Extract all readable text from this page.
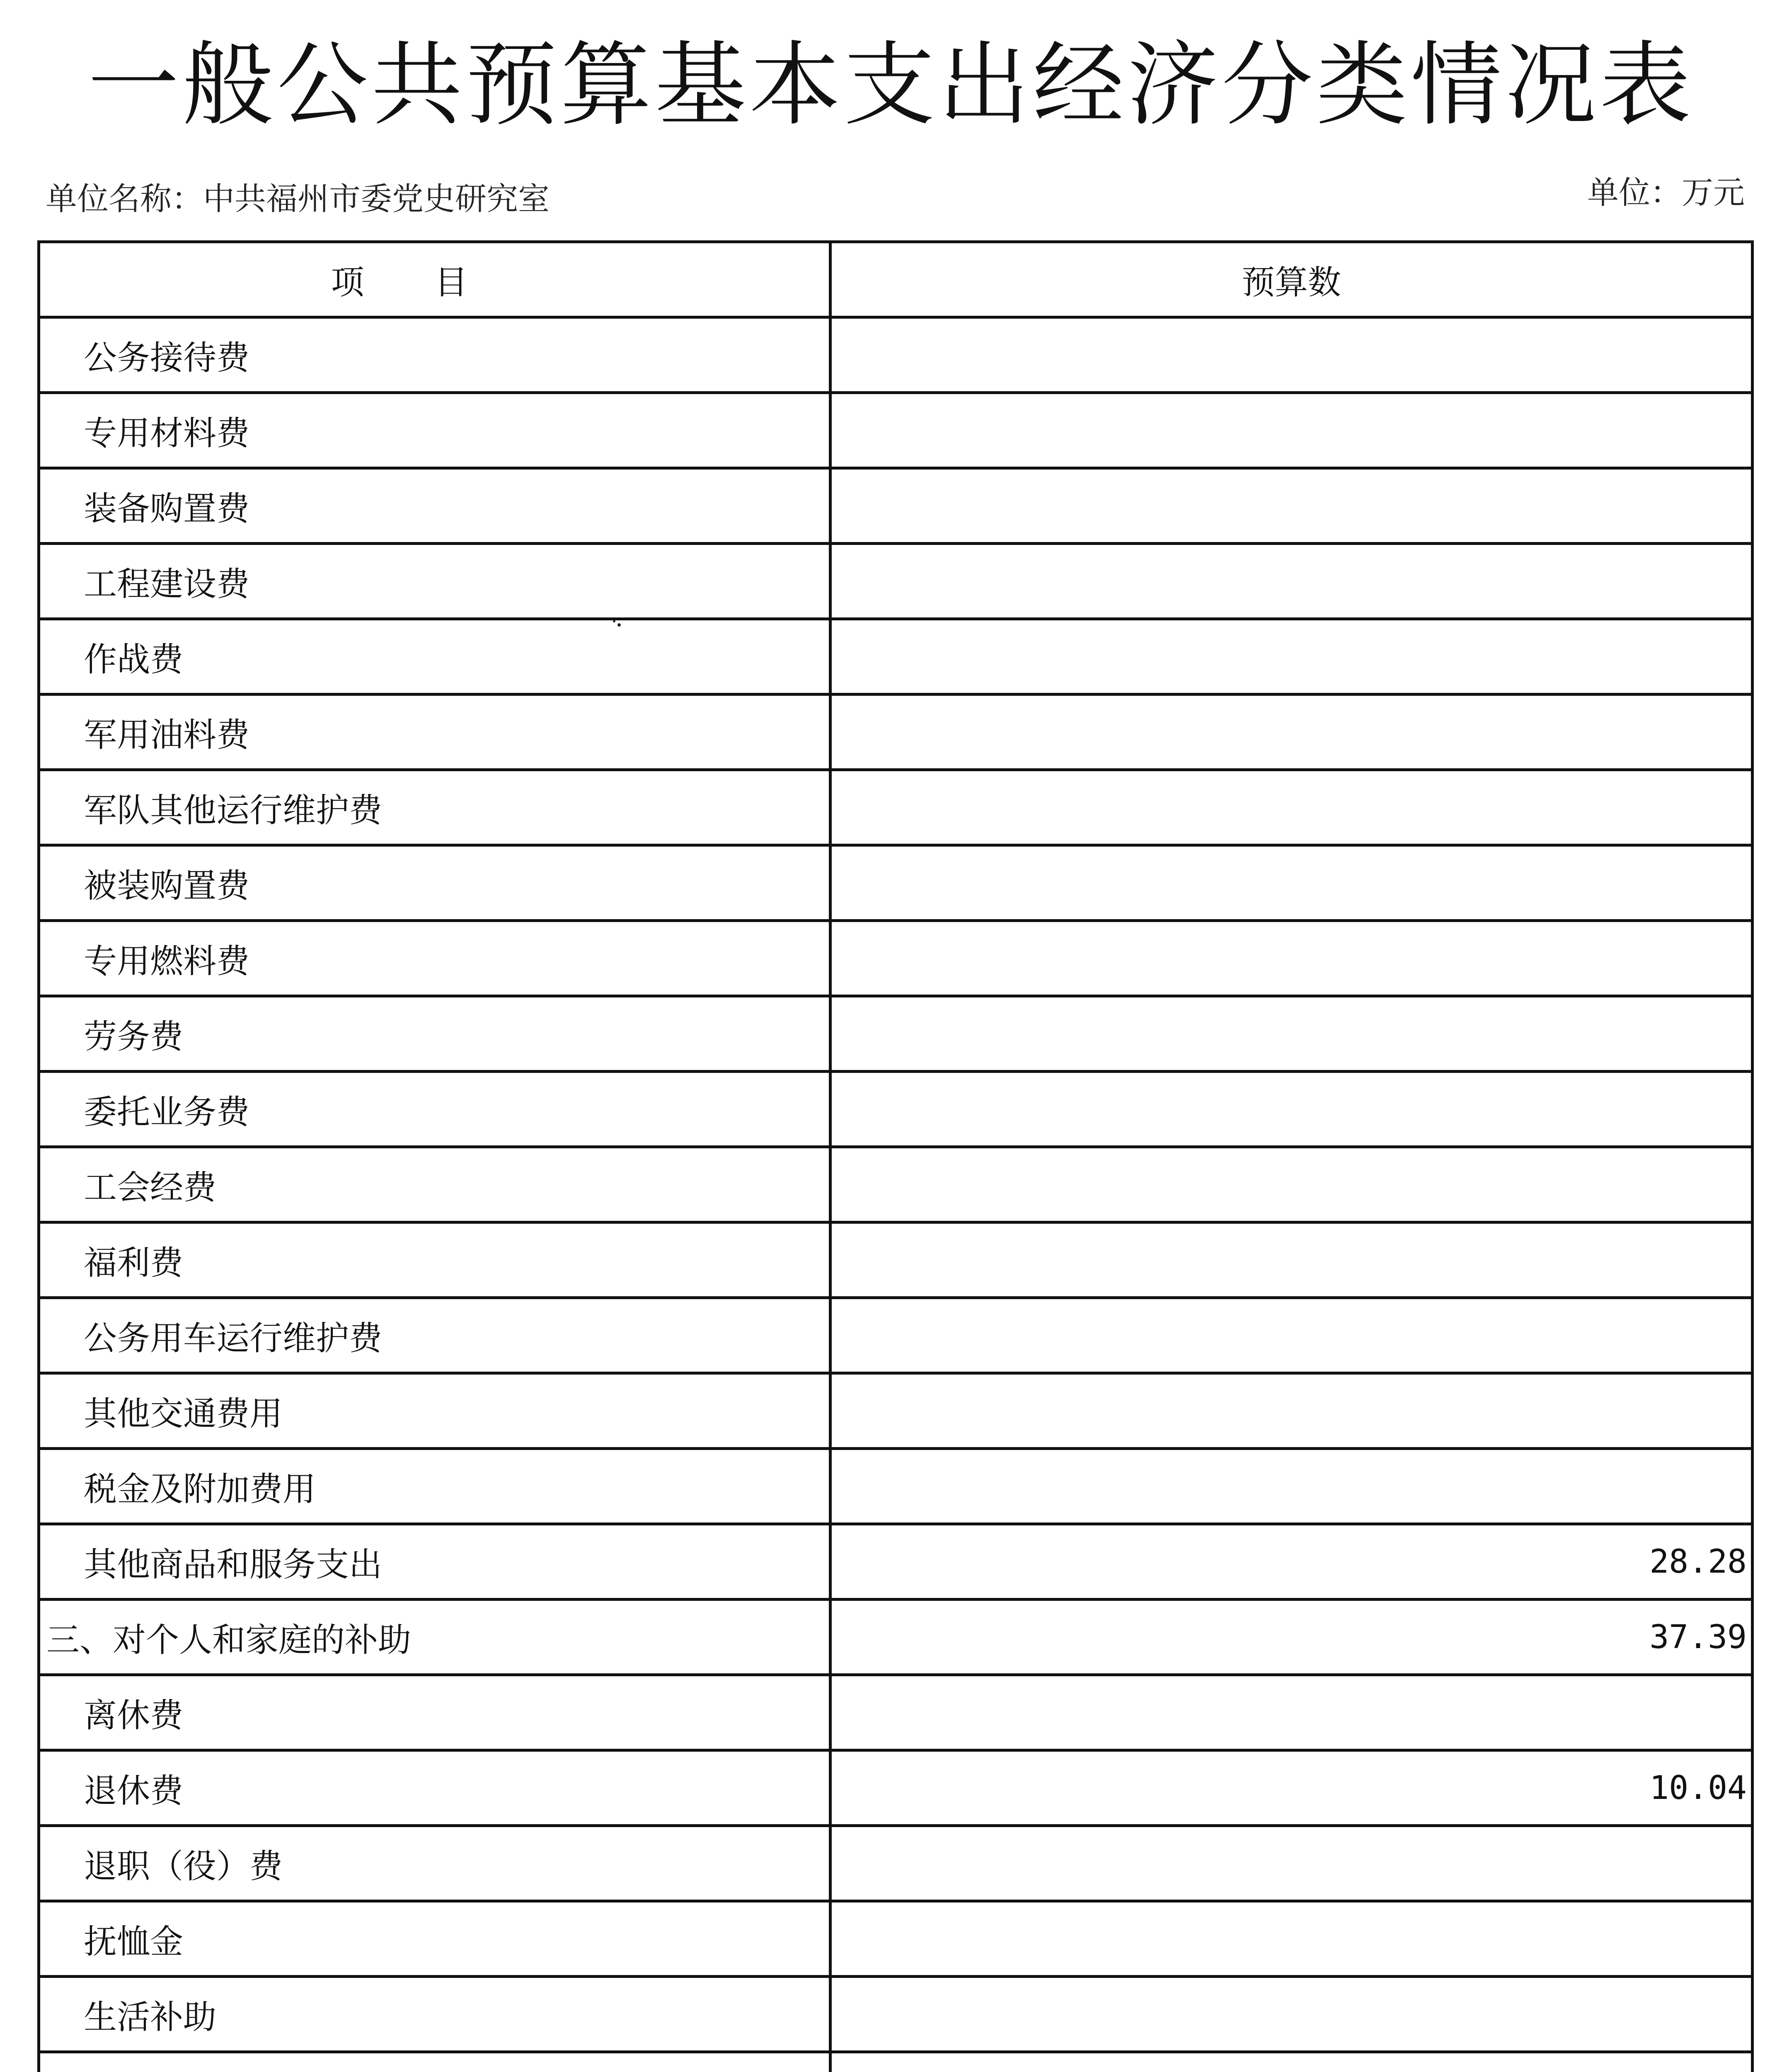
一般公共预算基本支出经济分类情况表
单位名称：中共福州市委党史研究室	单位：万元
项目	预算数
公务接待费	
专用材料费	
装备购置费	
工程建设费	
作战费	
军用油料费	
军队其他运行维护费	
被装购置费	
专用燃料费	
劳务费	
委托业务费	
工会经费	
福利费	
公务用车运行维护费	
其他交通费用	
税金及附加费用	
其他商品和服务支出	28.28
三、对个人和家庭的补助	37.39
离休费	
退休费	10.04
退职（役）费	
抚恤金	
生活补助	
